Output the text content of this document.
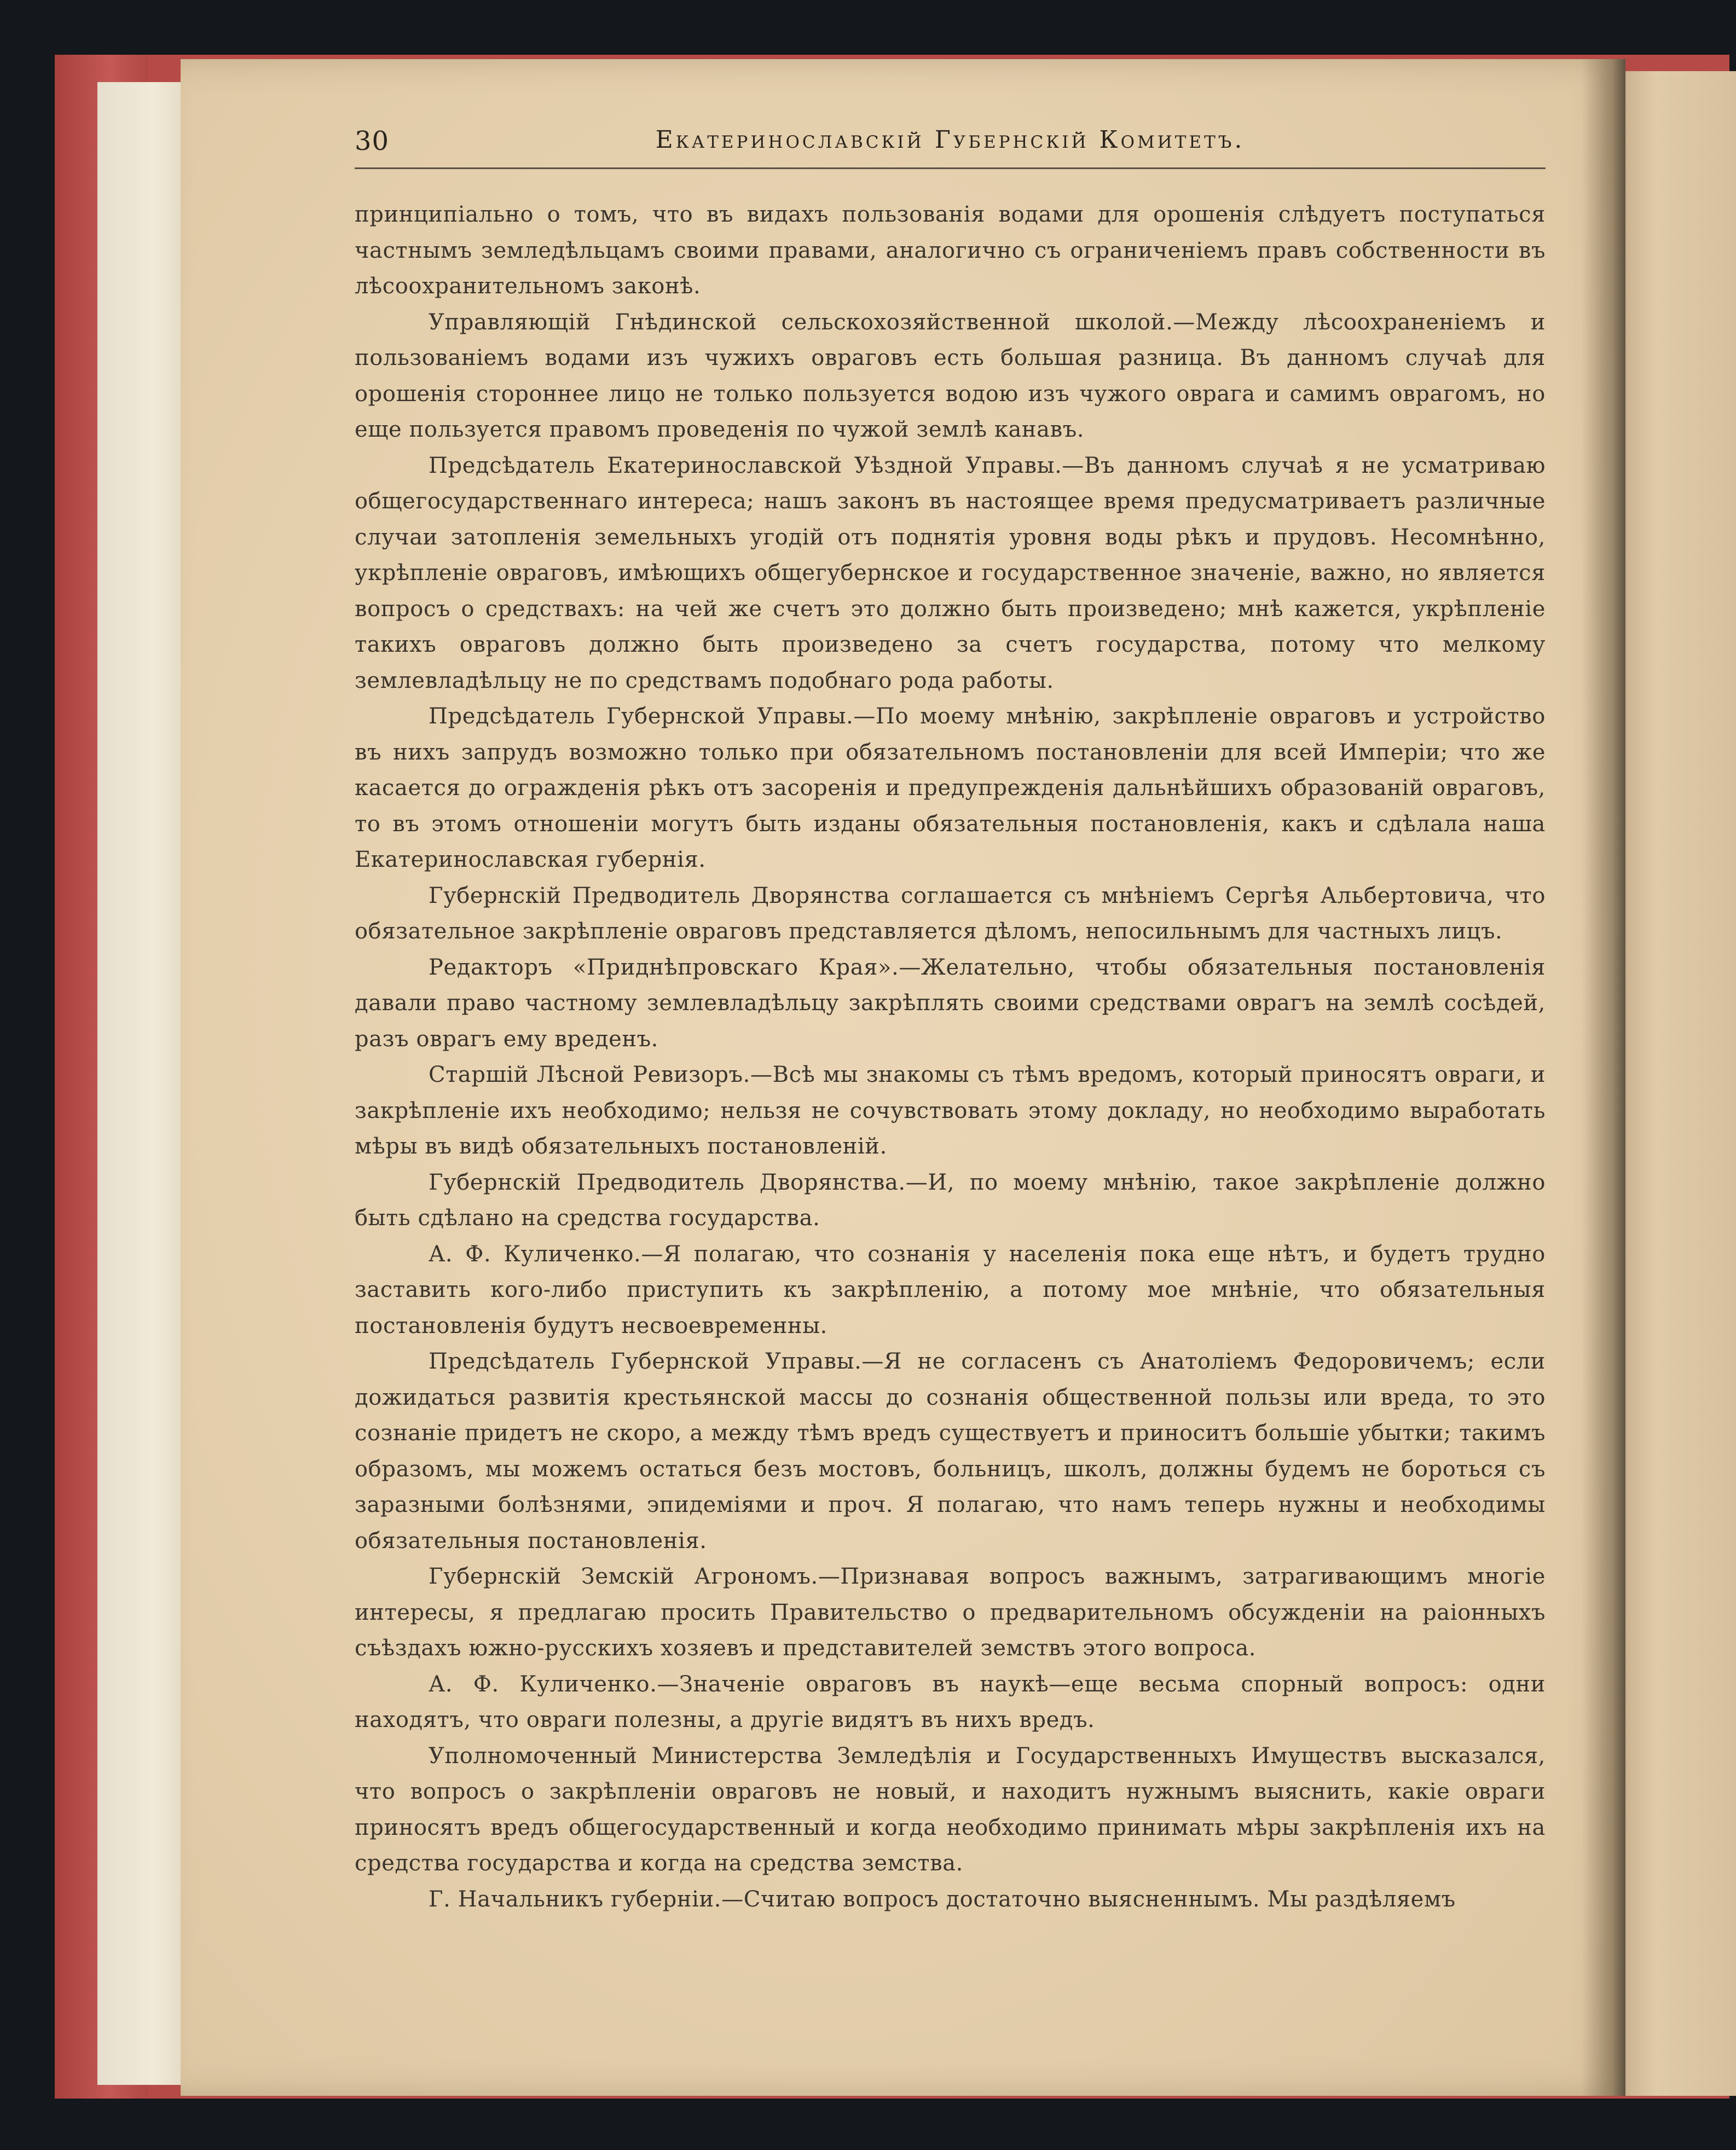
30	Екатеринославскій Губернскій Комитетъ.

принципіально о томъ, что въ видахъ пользованія водами для орошенія слѣдуетъ поступаться частнымъ земледѣльцамъ своими правами, аналогично съ ограниченіемъ правъ собственности въ лѣсоохранительномъ законѣ.

Управляющій Гнѣдинской сельскохозяйственной школой.—Между лѣсоохраненіемъ и пользованіемъ водами изъ чужихъ овраговъ есть большая разница. Въ данномъ случаѣ для орошенія стороннее лицо не только пользуется водою изъ чужого оврага и самимъ оврагомъ, но еще пользуется правомъ проведенія по чужой землѣ канавъ.

Предсѣдатель Екатеринославской Уѣздной Управы.—Въ данномъ случаѣ я не усматриваю общегосударственнаго интереса; нашъ законъ въ настоящее время предусматриваетъ различные случаи затопленія земельныхъ угодій отъ поднятія уровня воды рѣкъ и прудовъ. Несомнѣнно, укрѣпленіе овраговъ, имѣющихъ общегубернское и государственное значеніе, важно, но является вопросъ о средствахъ: на чей же счетъ это должно быть произведено; мнѣ кажется, укрѣпленіе такихъ овраговъ должно быть произведено за счетъ государства, потому что мелкому землевладѣльцу не по средствамъ подобнаго рода работы.

Предсѣдатель Губернской Управы.—По моему мнѣнію, закрѣпленіе овраговъ и устройство въ нихъ запрудъ возможно только при обязательномъ постановленіи для всей Имперіи; что же касается до огражденія рѣкъ отъ засоренія и предупрежденія дальнѣйшихъ образованій овраговъ, то въ этомъ отношеніи могутъ быть изданы обязательныя постановленія, какъ и сдѣлала наша Екатеринославская губернія.

Губернскій Предводитель Дворянства соглашается съ мнѣніемъ Сергѣя Альбертовича, что обязательное закрѣпленіе овраговъ представляется дѣломъ, непосильнымъ для частныхъ лицъ.

Редакторъ «Приднѣпровскаго Края».—Желательно, чтобы обязательныя постановленія давали право частному землевладѣльцу закрѣплять своими средствами оврагъ на землѣ сосѣдей, разъ оврагъ ему вреденъ.

Старшій Лѣсной Ревизоръ.—Всѣ мы знакомы съ тѣмъ вредомъ, который приносятъ овраги, и закрѣпленіе ихъ необходимо; нельзя не сочувствовать этому докладу, но необходимо выработать мѣры въ видѣ обязательныхъ постановленій.

Губернскій Предводитель Дворянства.—И, по моему мнѣнію, такое закрѣпленіе должно быть сдѣлано на средства государства.

А. Ф. Куличенко.—Я полагаю, что сознанія у населенія пока еще нѣтъ, и будетъ трудно заставить кого-либо приступить къ закрѣпленію, а потому мое мнѣніе, что обязательныя постановленія будутъ несвоевременны.

Предсѣдатель Губернской Управы.—Я не согласенъ съ Анатоліемъ Федоровичемъ; если дожидаться развитія крестьянской массы до сознанія общественной пользы или вреда, то это сознаніе придетъ не скоро, а между тѣмъ вредъ существуетъ и приноситъ большіе убытки; такимъ образомъ, мы можемъ остаться безъ мостовъ, больницъ, школъ, должны будемъ не бороться съ заразными болѣзнями, эпидеміями и проч. Я полагаю, что намъ теперь нужны и необходимы обязательныя постановленія.

Губернскій Земскій Агрономъ.—Признавая вопросъ важнымъ, затрагивающимъ многіе интересы, я предлагаю просить Правительство о предварительномъ обсужденіи на раіонныхъ съѣздахъ южно-русскихъ хозяевъ и представителей земствъ этого вопроса.

А. Ф. Куличенко.—Значеніе овраговъ въ наукѣ—еще весьма спорный вопросъ: одни находятъ, что овраги полезны, а другіе видятъ въ нихъ вредъ.

Уполномоченный Министерства Земледѣлія и Государственныхъ Имуществъ высказался, что вопросъ о закрѣпленіи овраговъ не новый, и находитъ нужнымъ выяснить, какіе овраги приносятъ вредъ общегосударственный и когда необходимо принимать мѣры закрѣпленія ихъ на средства государства и когда на средства земства.

Г. Начальникъ губерніи.—Считаю вопросъ достаточно выясненнымъ. Мы раздѣляемъ
